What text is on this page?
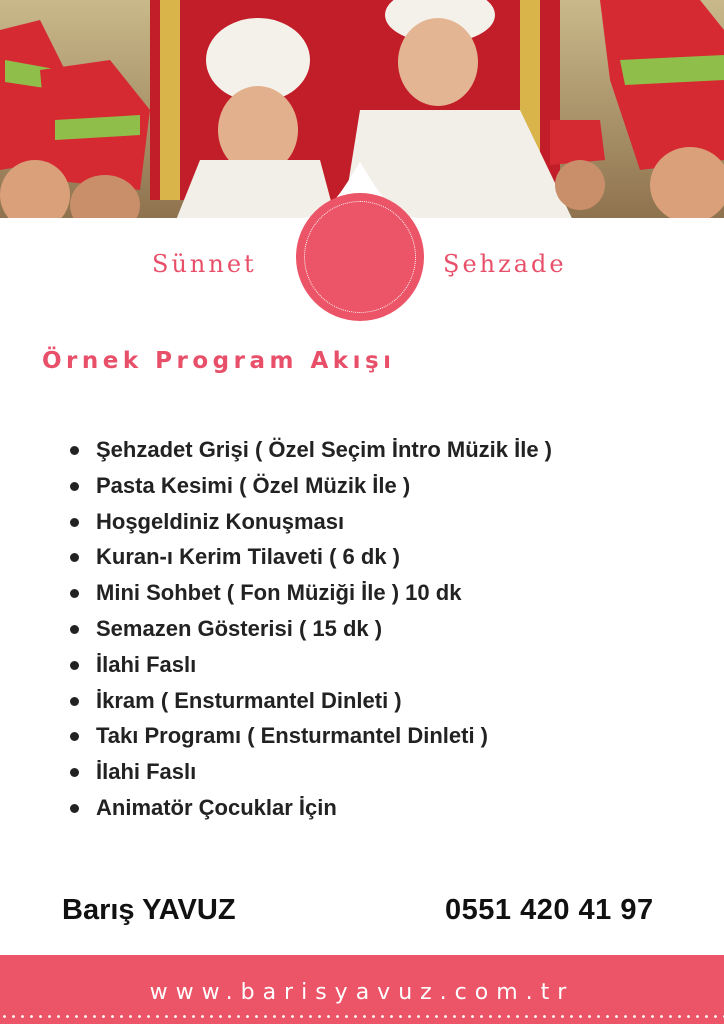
Sünnet	Şehzade
Örnek Program Akışı
Şehzadet Grişi ( Özel Seçim İntro Müzik İle )
Pasta Kesimi ( Özel Müzik İle )
Hoşgeldiniz Konuşması
Kuran-ı Kerim Tilaveti ( 6 dk )
Mini Sohbet ( Fon Müziği İle ) 10 dk
Semazen Gösterisi ( 15 dk )
İlahi Faslı
İkram ( Ensturmantel Dinleti )
Takı Programı ( Ensturmantel Dinleti )
İlahi Faslı
Animatör Çocuklar İçin
Barış YAVUZ	0551 420 41 97
www.barisyavuz.com.tr
